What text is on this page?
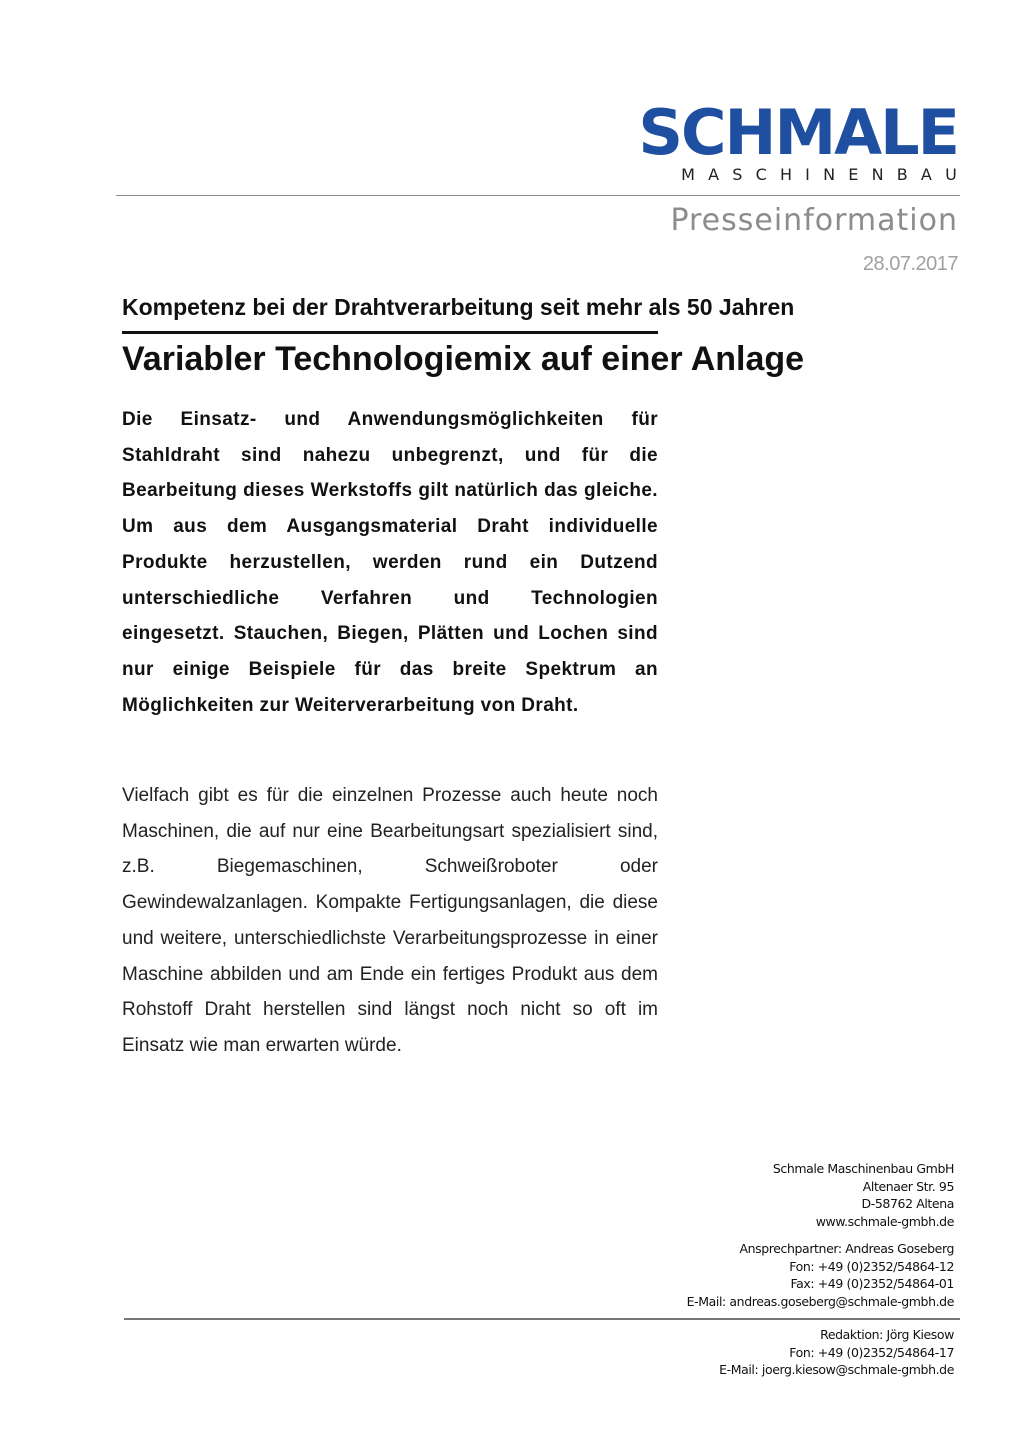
SCHMALE
MASCHINENBAU
Presseinformation
28.07.2017
Kompetenz bei der Drahtverarbeitung seit mehr als 50 Jahren
Variabler Technologiemix auf einer Anlage

Die Einsatz- und Anwendungsmöglichkeiten für Stahldraht sind nahezu unbegrenzt, und für die Bearbeitung dieses Werkstoffs gilt natürlich das gleiche. Um aus dem Ausgangsmaterial Draht individuelle Produkte herzustellen, werden rund ein Dutzend unterschiedliche Verfahren und Technologien eingesetzt. Stauchen, Biegen, Plätten und Lochen sind nur einige Beispiele für das breite Spektrum an Möglichkeiten zur Weiterverarbeitung von Draht.

Vielfach gibt es für die einzelnen Prozesse auch heute noch Maschinen, die auf nur eine Bearbeitungsart spezialisiert sind, z.B. Biegemaschinen, Schweißroboter oder Gewindewalzanlagen. Kompakte Fertigungsanlagen, die diese und weitere, unterschiedlichste Verarbeitungsprozesse in einer Maschine abbilden und am Ende ein fertiges Produkt aus dem Rohstoff Draht herstellen sind längst noch nicht so oft im Einsatz wie man erwarten würde.

Schmale Maschinenbau GmbH
Altenaer Str. 95
D-58762 Altena
www.schmale-gmbh.de
Ansprechpartner: Andreas Goseberg
Fon: +49 (0)2352/54864-12
Fax: +49 (0)2352/54864-01
E-Mail: andreas.goseberg@schmale-gmbh.de
Redaktion: Jörg Kiesow
Fon: +49 (0)2352/54864-17
E-Mail: joerg.kiesow@schmale-gmbh.de
